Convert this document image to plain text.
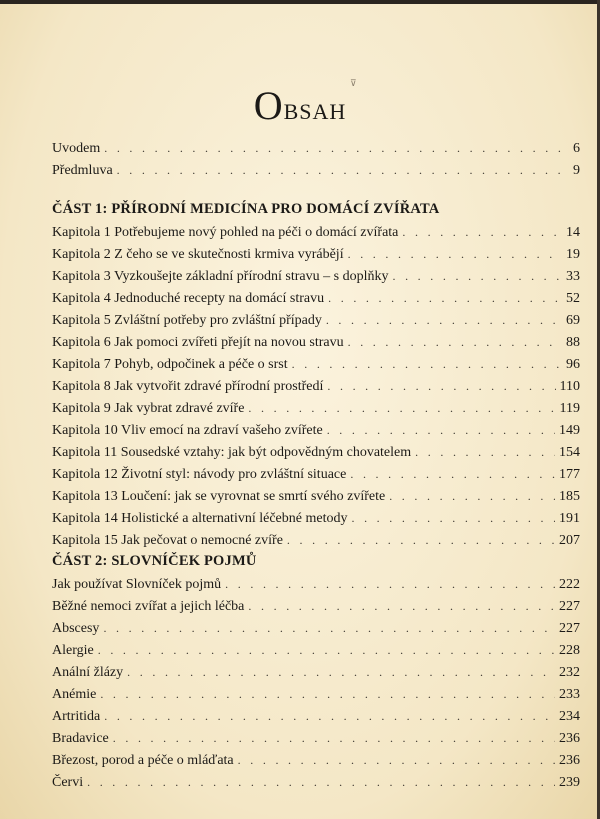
⊽
Obsah
Uvodem . . .	6
Předmluva . . .	9
ČÁST 1: PŘÍRODNÍ MEDICÍNA PRO DOMÁCÍ ZVÍŘATA
Kapitola 1 Potřebujeme nový pohled na péči o domácí zvířata . . .	14
Kapitola 2 Z čeho se ve skutečnosti krmiva vyrábějí . . .	19
Kapitola 3 Vyzkoušejte základní přírodní stravu – s doplňky . . .	33
Kapitola 4 Jednoduché recepty na domácí stravu . . .	52
Kapitola 5 Zvláštní potřeby pro zvláštní případy . . .	69
Kapitola 6 Jak pomoci zvířeti přejít na novou stravu . . .	88
Kapitola 7 Pohyb, odpočinek a péče o srst . . .	96
Kapitola 8 Jak vytvořit zdravé přírodní prostředí . . .	110
Kapitola 9 Jak vybrat zdravé zvíře . . .	119
Kapitola 10 Vliv emocí na zdraví vašeho zvířete . . .	149
Kapitola 11 Sousedské vztahy: jak být odpovědným chovatelem . . .	154
Kapitola 12 Životní styl: návody pro zvláštní situace . . .	177
Kapitola 13 Loučení: jak se vyrovnat se smrtí svého zvířete . . .	185
Kapitola 14 Holistické a alternativní léčebné metody . . .	191
Kapitola 15 Jak pečovat o nemocné zvíře . . .	207
ČÁST 2: SLOVNÍČEK POJMŮ
Jak používat Slovníček pojmů . . .	222
Běžné nemoci zvířat a jejich léčba . . .	227
Abscesy . . .	227
Alergie . . .	228
Anální žlázy . . .	232
Anémie . . .	233
Artritida . . .	234
Bradavice . . .	236
Březost, porod a péče o mláďata . . .	236
Červi . . .	239
